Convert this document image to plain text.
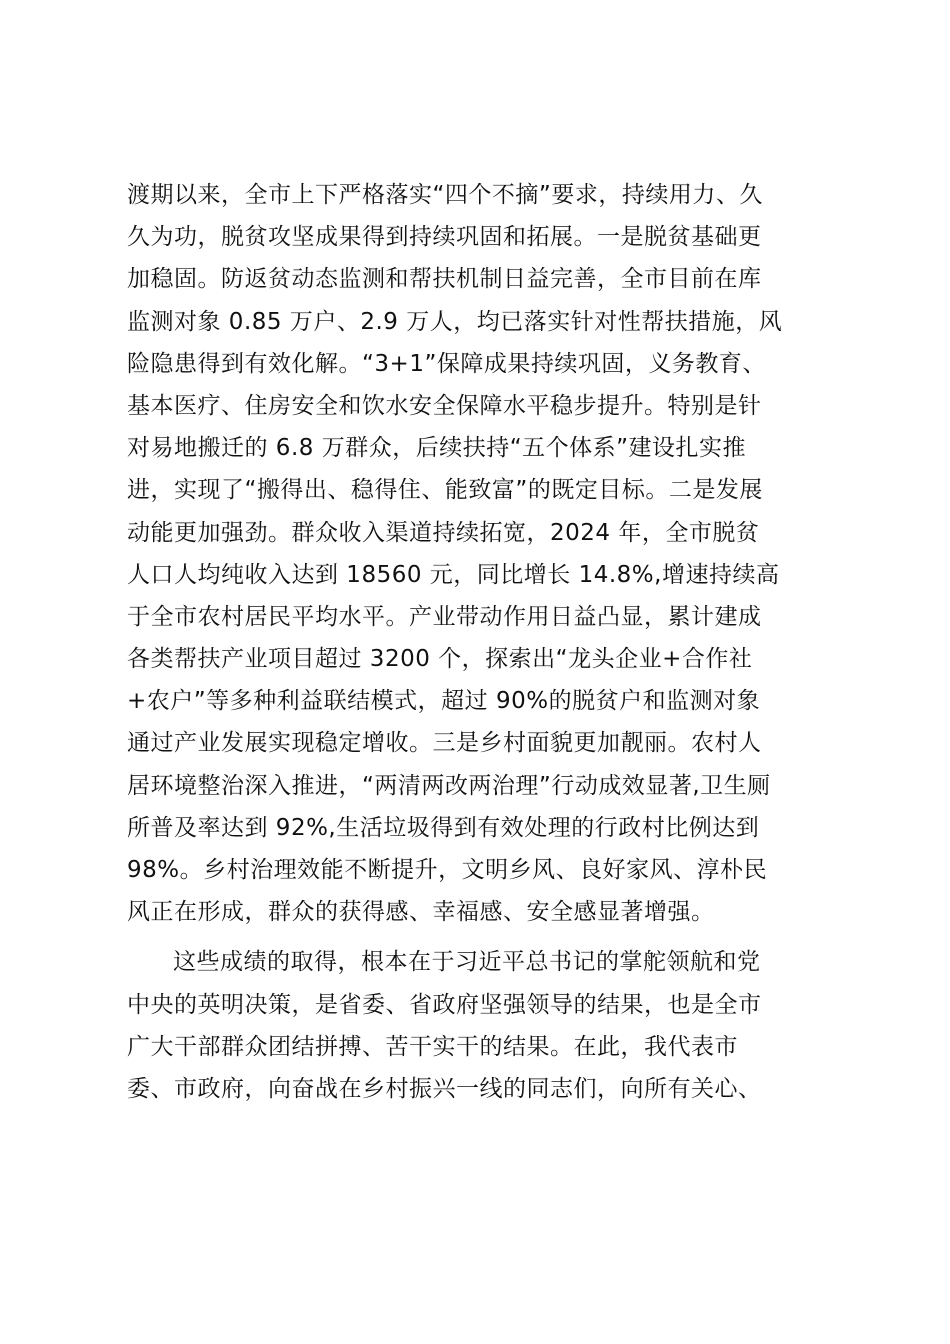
渡期以来，全市上下严格落实“四个不摘”要求，持续用力、久
久为功，脱贫攻坚成果得到持续巩固和拓展。一是脱贫基础更
加稳固。防返贫动态监测和帮扶机制日益完善，全市目前在库
监测对象 0.85 万户、2.9 万人，均已落实针对性帮扶措施，风
险隐患得到有效化解。“3+1”保障成果持续巩固，义务教育、
基本医疗、住房安全和饮水安全保障水平稳步提升。特别是针
对易地搬迁的 6.8 万群众，后续扶持“五个体系”建设扎实推
进，实现了“搬得出、稳得住、能致富”的既定目标。二是发展
动能更加强劲。群众收入渠道持续拓宽，2024 年，全市脱贫
人口人均纯收入达到 18560 元，同比增长 14.8%,增速持续高
于全市农村居民平均水平。产业带动作用日益凸显，累计建成
各类帮扶产业项目超过 3200 个，探索出“龙头企业+合作社
+农户”等多种利益联结模式，超过 90%的脱贫户和监测对象
通过产业发展实现稳定增收。三是乡村面貌更加靓丽。农村人
居环境整治深入推进，“两清两改两治理”行动成效显著,卫生厕
所普及率达到 92%,生活垃圾得到有效处理的行政村比例达到
98%。乡村治理效能不断提升，文明乡风、良好家风、淳朴民
风正在形成，群众的获得感、幸福感、安全感显著增强。
这些成绩的取得，根本在于习近平总书记的掌舵领航和党
中央的英明决策，是省委、省政府坚强领导的结果，也是全市
广大干部群众团结拼搏、苦干实干的结果。在此，我代表市
委、市政府，向奋战在乡村振兴一线的同志们，向所有关心、
